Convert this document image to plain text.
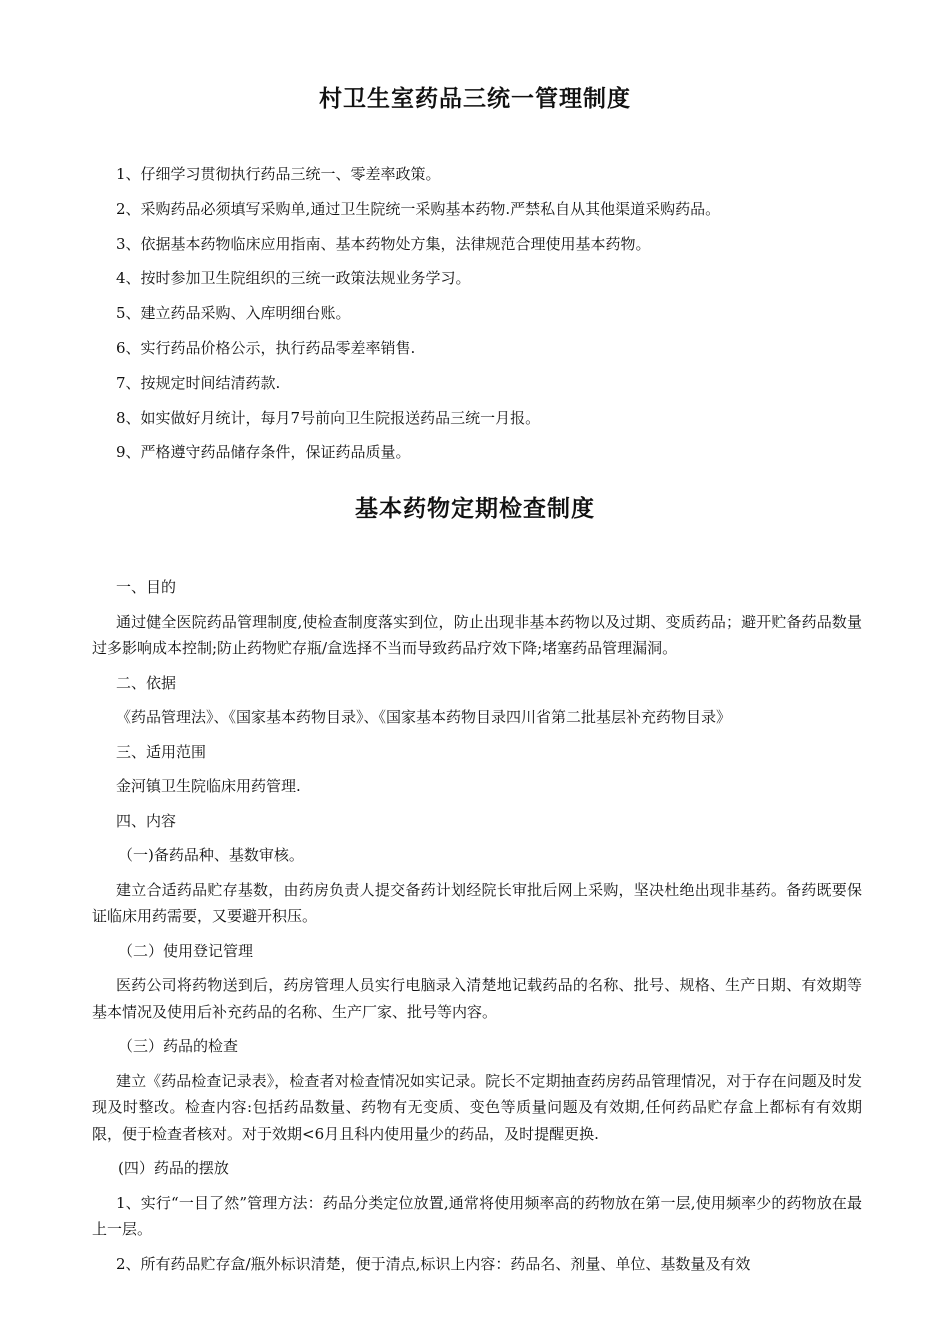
村卫生室药品三统一管理制度
1、仔细学习贯彻执行药品三统一、零差率政策。
2、采购药品必须填写采购单,通过卫生院统一采购基本药物.严禁私自从其他渠道采购药品。
3、依据基本药物临床应用指南、基本药物处方集，法律规范合理使用基本药物。
4、按时参加卫生院组织的三统一政策法规业务学习。
5、建立药品采购、入库明细台账。
6、实行药品价格公示，执行药品零差率销售.
7、按规定时间结清药款.
8、如实做好月统计，每月7号前向卫生院报送药品三统一月报。
9、严格遵守药品储存条件，保证药品质量。
基本药物定期检查制度

一、目的

通过健全医院药品管理制度,使检查制度落实到位，防止出现非基本药物以及过期、变质药品；避开贮备药品数量过多影响成本控制;防止药物贮存瓶/盒选择不当而导致药品疗效下降;堵塞药品管理漏洞。

二、依据

《药品管理法》、《国家基本药物目录》、《国家基本药物目录四川省第二批基层补充药物目录》

三、适用范围

金河镇卫生院临床用药管理.

四、内容

（一)备药品种、基数审核。

建立合适药品贮存基数，由药房负责人提交备药计划经院长审批后网上采购，坚决杜绝出现非基药。备药既要保证临床用药需要，又要避开积压。

（二）使用登记管理

医药公司将药物送到后，药房管理人员实行电脑录入清楚地记载药品的名称、批号、规格、生产日期、有效期等基本情况及使用后补充药品的名称、生产厂家、批号等内容。

（三）药品的检查

建立《药品检查记录表》，检查者对检查情况如实记录。院长不定期抽查药房药品管理情况，对于存在问题及时发现及时整改。检查内容:包括药品数量、药物有无变质、变色等质量问题及有效期,任何药品贮存盒上都标有有效期限，便于检查者核对。对于效期<6月且科内使用量少的药品，及时提醒更换.

(四）药品的摆放

1、实行“一目了然”管理方法：药品分类定位放置,通常将使用频率高的药物放在第一层,使用频率少的药物放在最上一层。

2、所有药品贮存盒/瓶外标识清楚，便于清点,标识上内容：药品名、剂量、单位、基数量及有效
